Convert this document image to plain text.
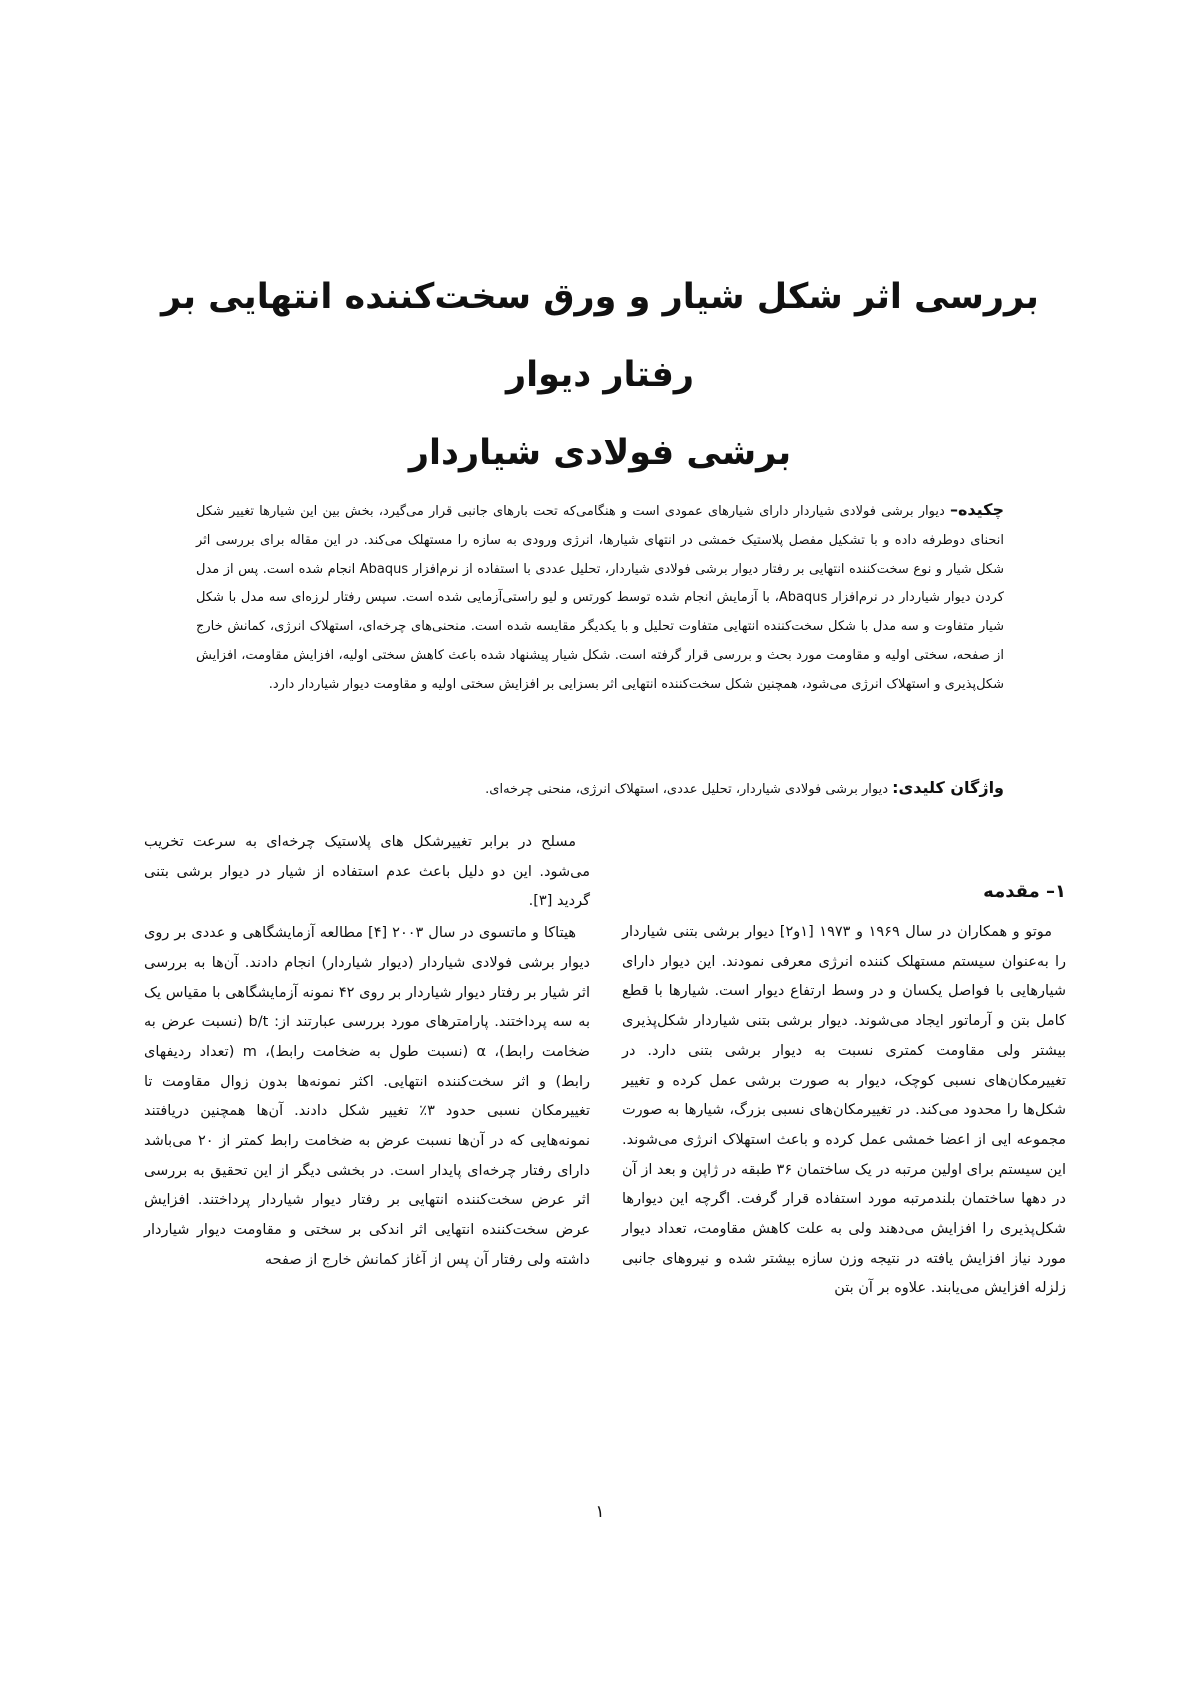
بررسی اثر شکل شیار و ورق سخت‌کننده انتهایی بر رفتار دیوار
برشی فولادی شیاردار
چکیده– دیوار برشی فولادی شیاردار دارای شیارهای عمودی است و هنگامی‌که تحت بارهای جانبی قرار می‌گیرد، بخش بین این شیارها تغییر شکل انحنای دوطرفه داده و با تشکیل مفصل پلاستیک خمشی در انتهای شیارها، انرژی ورودی به سازه را مستهلک می‌کند. در این مقاله برای بررسی اثر شکل شیار و نوع سخت‌کننده انتهایی بر رفتار دیوار برشی فولادی شیاردار، تحلیل عددی با استفاده از نرم‌افزار Abaqus انجام شده است. پس از مدل کردن دیوار شیاردار در نرم‌افزار Abaqus، با آزمایش انجام شده توسط کورتس و لیو راستی‌آزمایی شده است. سپس رفتار لرزه‌ای سه مدل با شکل شیار متفاوت و سه مدل با شکل سخت‌کننده انتهایی متفاوت تحلیل و با یکدیگر مقایسه شده است. منحنی‌های چرخه‌ای، استهلاک انرژی، کمانش خارج از صفحه، سختی اولیه و مقاومت مورد بحث و بررسی قرار گرفته است. شکل شیار پیشنهاد شده باعث کاهش سختی اولیه، افزایش مقاومت، افزایش شکل‌پذیری و استهلاک انرژی می‌شود، همچنین شکل سخت‌کننده انتهایی اثر بسزایی بر افزایش سختی اولیه و مقاومت دیوار شیاردار دارد.
واژگان کلیدی: دیوار برشی فولادی شیاردار، تحلیل عددی، استهلاک انرژی، منحنی چرخه‌ای.
۱– مقدمه

موتو و همکاران در سال ۱۹۶۹ و ۱۹۷۳ [۱و۲] دیوار برشی بتنی شیاردار را به‌عنوان سیستم مستهلک کننده انرژی معرفی نمودند. این دیوار دارای شیارهایی با فواصل یکسان و در وسط ارتفاع دیوار است. شیارها با قطع کامل بتن و آرماتور ایجاد می‌شوند. دیوار برشی بتنی شیاردار شکل‌پذیری بیشتر ولی مقاومت کمتری نسبت به دیوار برشی بتنی دارد. در تغییرمکان‌های نسبی کوچک، دیوار به صورت برشی عمل کرده و تغییر شکل‌ها را محدود می‌کند. در تغییرمکان‌های نسبی بزرگ، شیارها به صورت مجموعه ایی از اعضا خمشی عمل کرده و باعث استهلاک انرژی می‌شوند. این سیستم برای اولین مرتبه در یک ساختمان ۳۶ طبقه در ژاپن و بعد از آن در دهها ساختمان بلندمرتبه مورد استفاده قرار گرفت. اگرچه این دیوارها شکل‌پذیری را افزایش می‌دهند ولی به علت کاهش مقاومت، تعداد دیوار مورد نیاز افزایش یافته در نتیجه وزن سازه بیشتر شده و نیروهای جانبی زلزله افزایش می‌یابند. علاوه بر آن بتن

مسلح در برابر تغییرشکل های پلاستیک چرخه‌ای به سرعت تخریب می‌شود. این دو دلیل باعث عدم استفاده از شیار در دیوار برشی بتنی گردید [۳].

هیتاکا و ماتسوی در سال ۲۰۰۳ [۴] مطالعه آزمایشگاهی و عددی بر روی دیوار برشی فولادی شیاردار (دیوار شیاردار) انجام دادند. آن‌ها به بررسی اثر شیار بر رفتار دیوار شیاردار بر روی ۴۲ نمونه آزمایشگاهی با مقیاس یک به سه پرداختند. پارامترهای مورد بررسی عبارتند از: b/t (نسبت عرض به ضخامت رابط)، α (نسبت طول به ضخامت رابط)، m (تعداد ردیفهای رابط) و اثر سخت‌کننده انتهایی. اکثر نمونه‌ها بدون زوال مقاومت تا تغییرمکان نسبی حدود ۳٪ تغییر شکل دادند. آن‌ها همچنین دریافتند نمونه‌هایی که در آن‌ها نسبت عرض به ضخامت رابط کمتر از ۲۰ می‌باشد دارای رفتار چرخه‌ای پایدار است. در بخشی دیگر از این تحقیق به بررسی اثر عرض سخت‌کننده انتهایی بر رفتار دیوار شیاردار پرداختند. افزایش عرض سخت‌کننده انتهایی اثر اندکی بر سختی و مقاومت دیوار شیاردار داشته ولی رفتار آن پس از آغاز کمانش خارج از صفحه

۱
